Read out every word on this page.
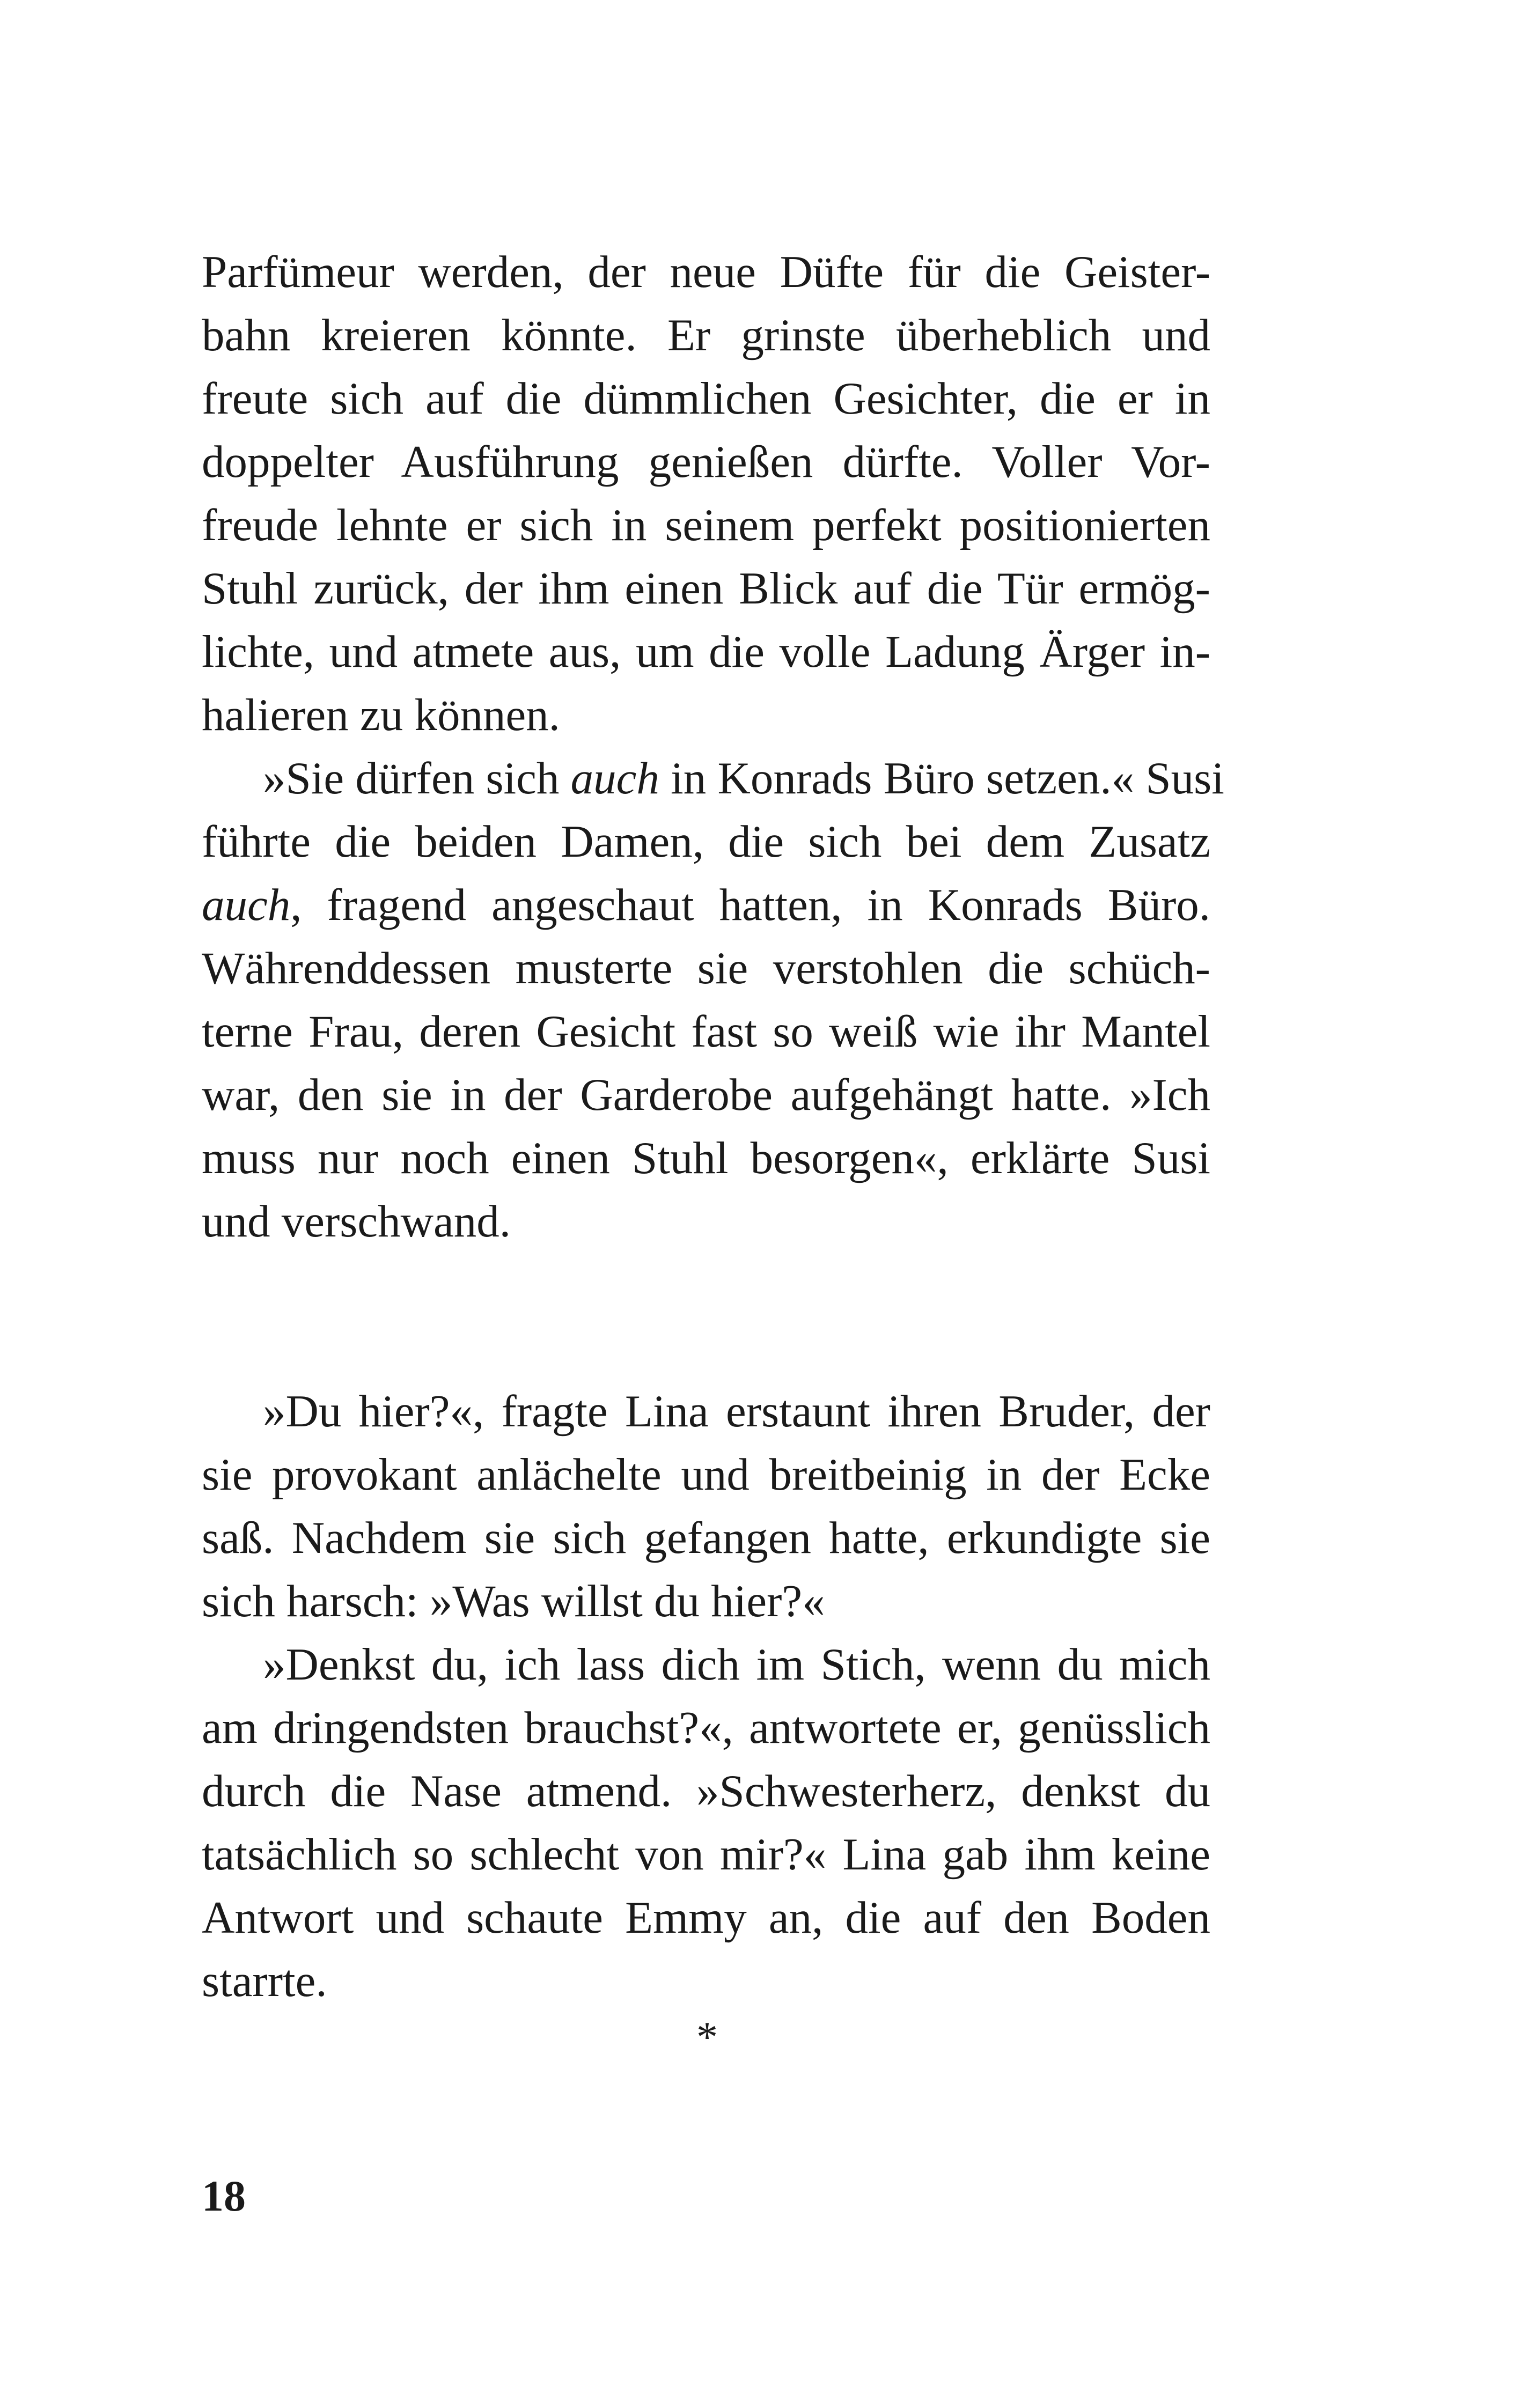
Parfümeur werden, der neue Düfte für die Geister-
bahn kreieren könnte. Er grinste überheblich und
freute sich auf die dümmlichen Gesichter, die er in
doppelter Ausführung genießen dürfte. Voller Vor-
freude lehnte er sich in seinem perfekt positionierten
Stuhl zurück, der ihm einen Blick auf die Tür ermög-
lichte, und atmete aus, um die volle Ladung Ärger in-
halieren zu können.
»Sie dürfen sich auch in Konrads Büro setzen.« Susi
führte die beiden Damen, die sich bei dem Zusatz
auch, fragend angeschaut hatten, in Konrads Büro.
Währenddessen musterte sie verstohlen die schüch-
terne Frau, deren Gesicht fast so weiß wie ihr Mantel
war, den sie in der Garderobe aufgehängt hatte. »Ich
muss nur noch einen Stuhl besorgen«, erklärte Susi
und verschwand.
»Du hier?«, fragte Lina erstaunt ihren Bruder, der
sie provokant anlächelte und breitbeinig in der Ecke
saß. Nachdem sie sich gefangen hatte, erkundigte sie
sich harsch: »Was willst du hier?«
»Denkst du, ich lass dich im Stich, wenn du mich
am dringendsten brauchst?«, antwortete er, genüsslich
durch die Nase atmend. »Schwesterherz, denkst du
tatsächlich so schlecht von mir?« Lina gab ihm keine
Antwort und schaute Emmy an, die auf den Boden
starrte.
*
18
